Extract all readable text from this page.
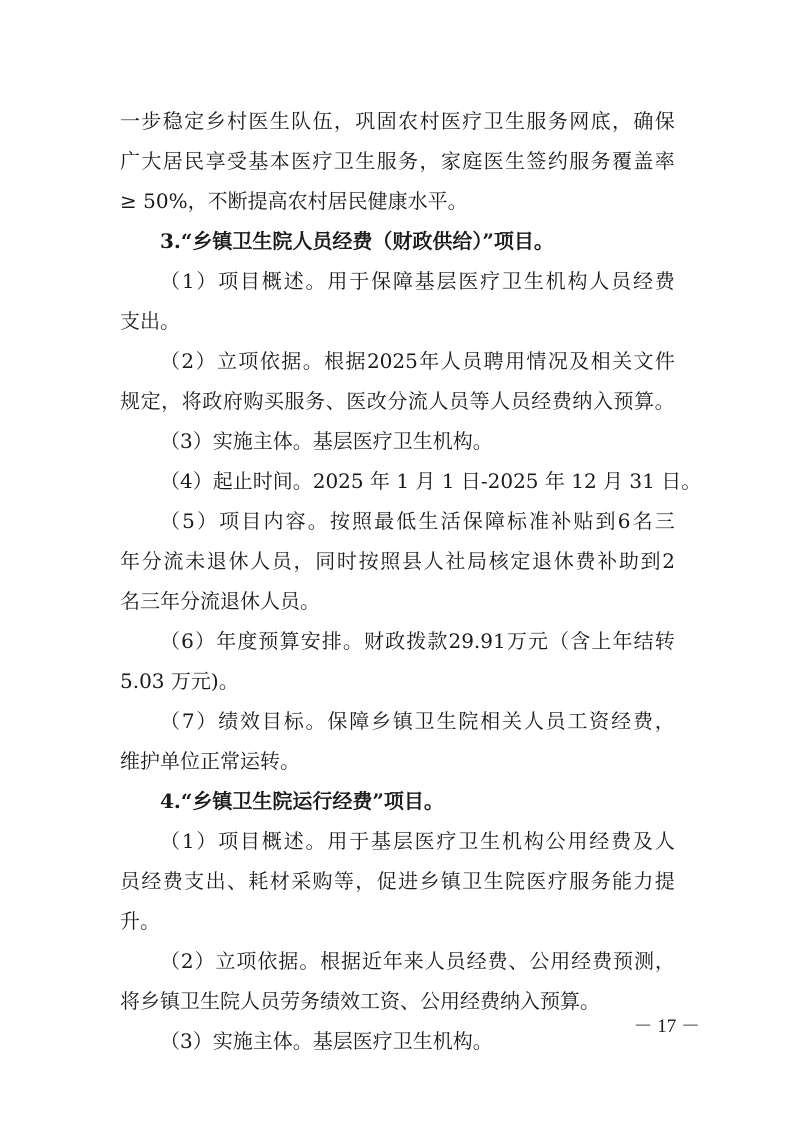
一 步 稳 定 乡 村 医 生 队 伍 ， 巩 固 农 村 医 疗 卫 生 服 务 网 底 ， 确 保
广 大 居 民 享 受 基 本 医 疗 卫 生 服 务 ， 家 庭 医 生 签 约 服 务 覆 盖 率
≥ 50%，不断提高农村居民健康水平。
3.“乡镇卫生院人员经费（财政供给）”项目。
（ 1 ） 项 目 概 述 。 用 于 保 障 基 层 医 疗 卫 生 机 构 人 员 经 费
支出。
（ 2 ） 立 项 依 据 。 根 据 2025 年 人 员 聘 用 情 况 及 相 关 文 件
规 定 ， 将 政 府 购 买 服 务 、 医 改 分 流 人 员 等 人 员 经 费 纳 入 预 算 。
（3）实施主体。基层医疗卫生机构。
（4）起止时间。2025 年 1 月 1 日-2025 年 12 月 31 日。
（ 5 ） 项 目 内 容 。 按 照 最 低 生 活 保 障 标 准 补 贴 到 6 名 三
年 分 流 未 退 休 人 员 ， 同 时 按 照 县 人 社 局 核 定 退 休 费 补 助 到 2
名三年分流退休人员。
（ 6 ） 年 度 预 算 安 排 。 财 政 拨 款 29.91 万 元 （ 含 上 年 结 转
5.03 万元)。
（ 7 ） 绩 效 目 标 。 保 障 乡 镇 卫 生 院 相 关 人 员 工 资 经 费 ，
维护单位正常运转。
4.“乡镇卫生院运行经费”项目。
（ 1 ） 项 目 概 述 。 用 于 基 层 医 疗 卫 生 机 构 公 用 经 费 及 人
员 经 费 支 出 、 耗 材 采 购 等 ， 促 进 乡 镇 卫 生 院 医 疗 服 务 能 力 提
升。
（ 2 ） 立 项 依 据 。 根 据 近 年 来 人 员 经 费 、 公 用 经 费 预 测 ，
将乡镇卫生院人员劳务绩效工资、公用经费纳入预算。
（3）实施主体。基层医疗卫生机构。
－ 17 －
